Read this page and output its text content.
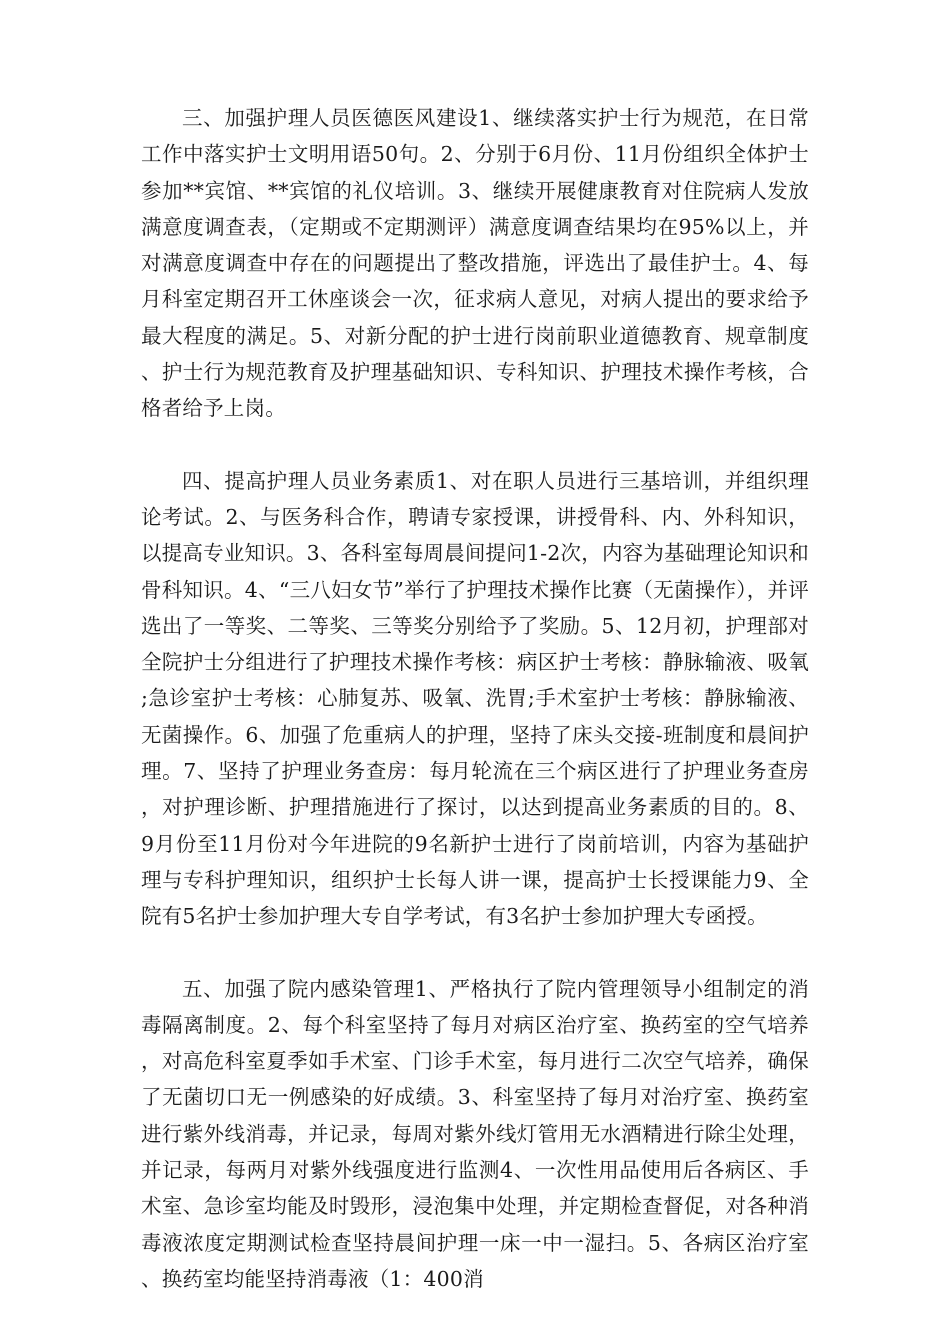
三、加强护理人员医德医风建设1、继续落实护士行为规范，在日常工作中落实护士文明用语50句。2、分别于6月份、11月份组织全体护士参加**宾馆、**宾馆的礼仪培训。3、继续开展健康教育对住院病人发放满意度调查表，（定期或不定期测评）满意度调查结果均在95%以上，并对满意度调查中存在的问题提出了整改措施，评选出了最佳护士。4、每月科室定期召开工休座谈会一次，征求病人意见，对病人提出的要求给予最大程度的满足。5、对新分配的护士进行岗前职业道德教育、规章制度、护士行为规范教育及护理基础知识、专科知识、护理技术操作考核，合格者给予上岗。

四、提高护理人员业务素质1、对在职人员进行三基培训，并组织理论考试。2、与医务科合作，聘请专家授课，讲授骨科、内、外科知识，以提高专业知识。3、各科室每周晨间提问1-2次，内容为基础理论知识和骨科知识。4、“三八妇女节”举行了护理技术操作比赛（无菌操作），并评选出了一等奖、二等奖、三等奖分别给予了奖励。5、12月初，护理部对全院护士分组进行了护理技术操作考核：病区护士考核：静脉输液、吸氧;急诊室护士考核：心肺复苏、吸氧、洗胃;手术室护士考核：静脉输液、无菌操作。6、加强了危重病人的护理，坚持了床头交接-班制度和晨间护理。7、坚持了护理业务查房：每月轮流在三个病区进行了护理业务查房，对护理诊断、护理措施进行了探讨，以达到提高业务素质的目的。8、9月份至11月份对今年进院的9名新护士进行了岗前培训，内容为基础护理与专科护理知识，组织护士长每人讲一课，提高护士长授课能力9、全院有5名护士参加护理大专自学考试，有3名护士参加护理大专函授。

五、加强了院内感染管理1、严格执行了院内管理领导小组制定的消毒隔离制度。2、每个科室坚持了每月对病区治疗室、换药室的空气培养，对高危科室夏季如手术室、门诊手术室，每月进行二次空气培养，确保了无菌切口无一例感染的好成绩。3、科室坚持了每月对治疗室、换药室进行紫外线消毒，并记录，每周对紫外线灯管用无水酒精进行除尘处理，并记录，每两月对紫外线强度进行监测4、一次性用品使用后各病区、手术室、急诊室均能及时毁形，浸泡集中处理，并定期检查督促，对各种消毒液浓度定期测试检查坚持晨间护理一床一中一湿扫。5、各病区治疗室、换药室均能坚持消毒液（1：400消
